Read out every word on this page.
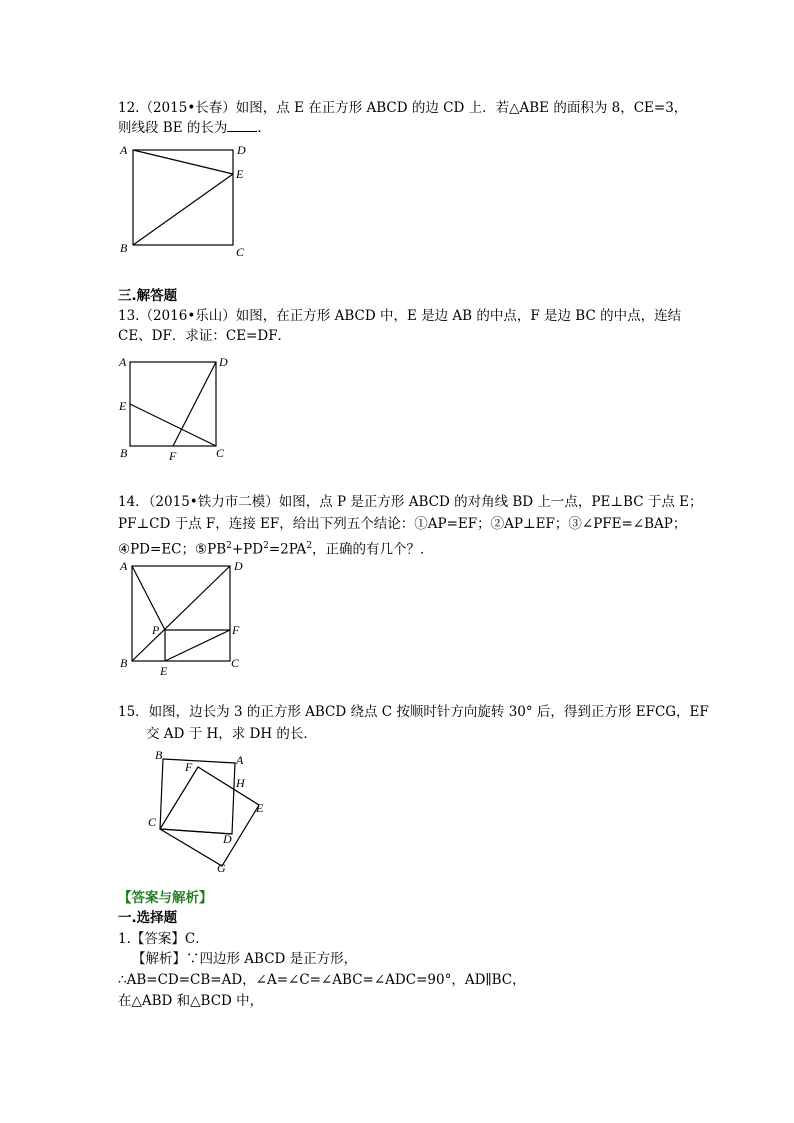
12.（2015•长春）如图，点 E 在正方形 ABCD 的边 CD 上．若△ABE 的面积为 8，CE=3，
则线段 BE 的长为 ．
A	D
E
B	C
A	D
E
B	F	C
A	D
P	F
B
E
C
B
F	A
H
E
C
D
G
三.解答题
13.（2016•乐山）如图，在正方形 ABCD 中，E 是边 AB 的中点，F 是边 BC 的中点，连结
CE、DF．求证：CE=DF．
14．（2015•铁力市二模）如图，点 P 是正方形 ABCD 的对角线 BD 上一点，PE⊥BC 于点 E；
PF⊥CD 于点 F，连接 EF，给出下列五个结论：①AP=EF；②AP⊥EF；③∠PFE=∠BAP；
④PD=EC；$⑤PB^2+PD^2=2PA^2$，正确的有几个？．
15．如图，边长为 3 的正方形 ABCD 绕点 C 按顺时针方向旋转 30° 后，得到正方形 EFCG，EF
交 AD 于 H，求 DH 的长．
【答案与解析】
一.选择题
1.【答案】C．
【解析】∵四边形 ABCD 是正方形，
∴AB=CD=CB=AD，∠A=∠C=∠ABC=∠ADC=90°，AD∥BC，
在△ABD 和△BCD 中，
